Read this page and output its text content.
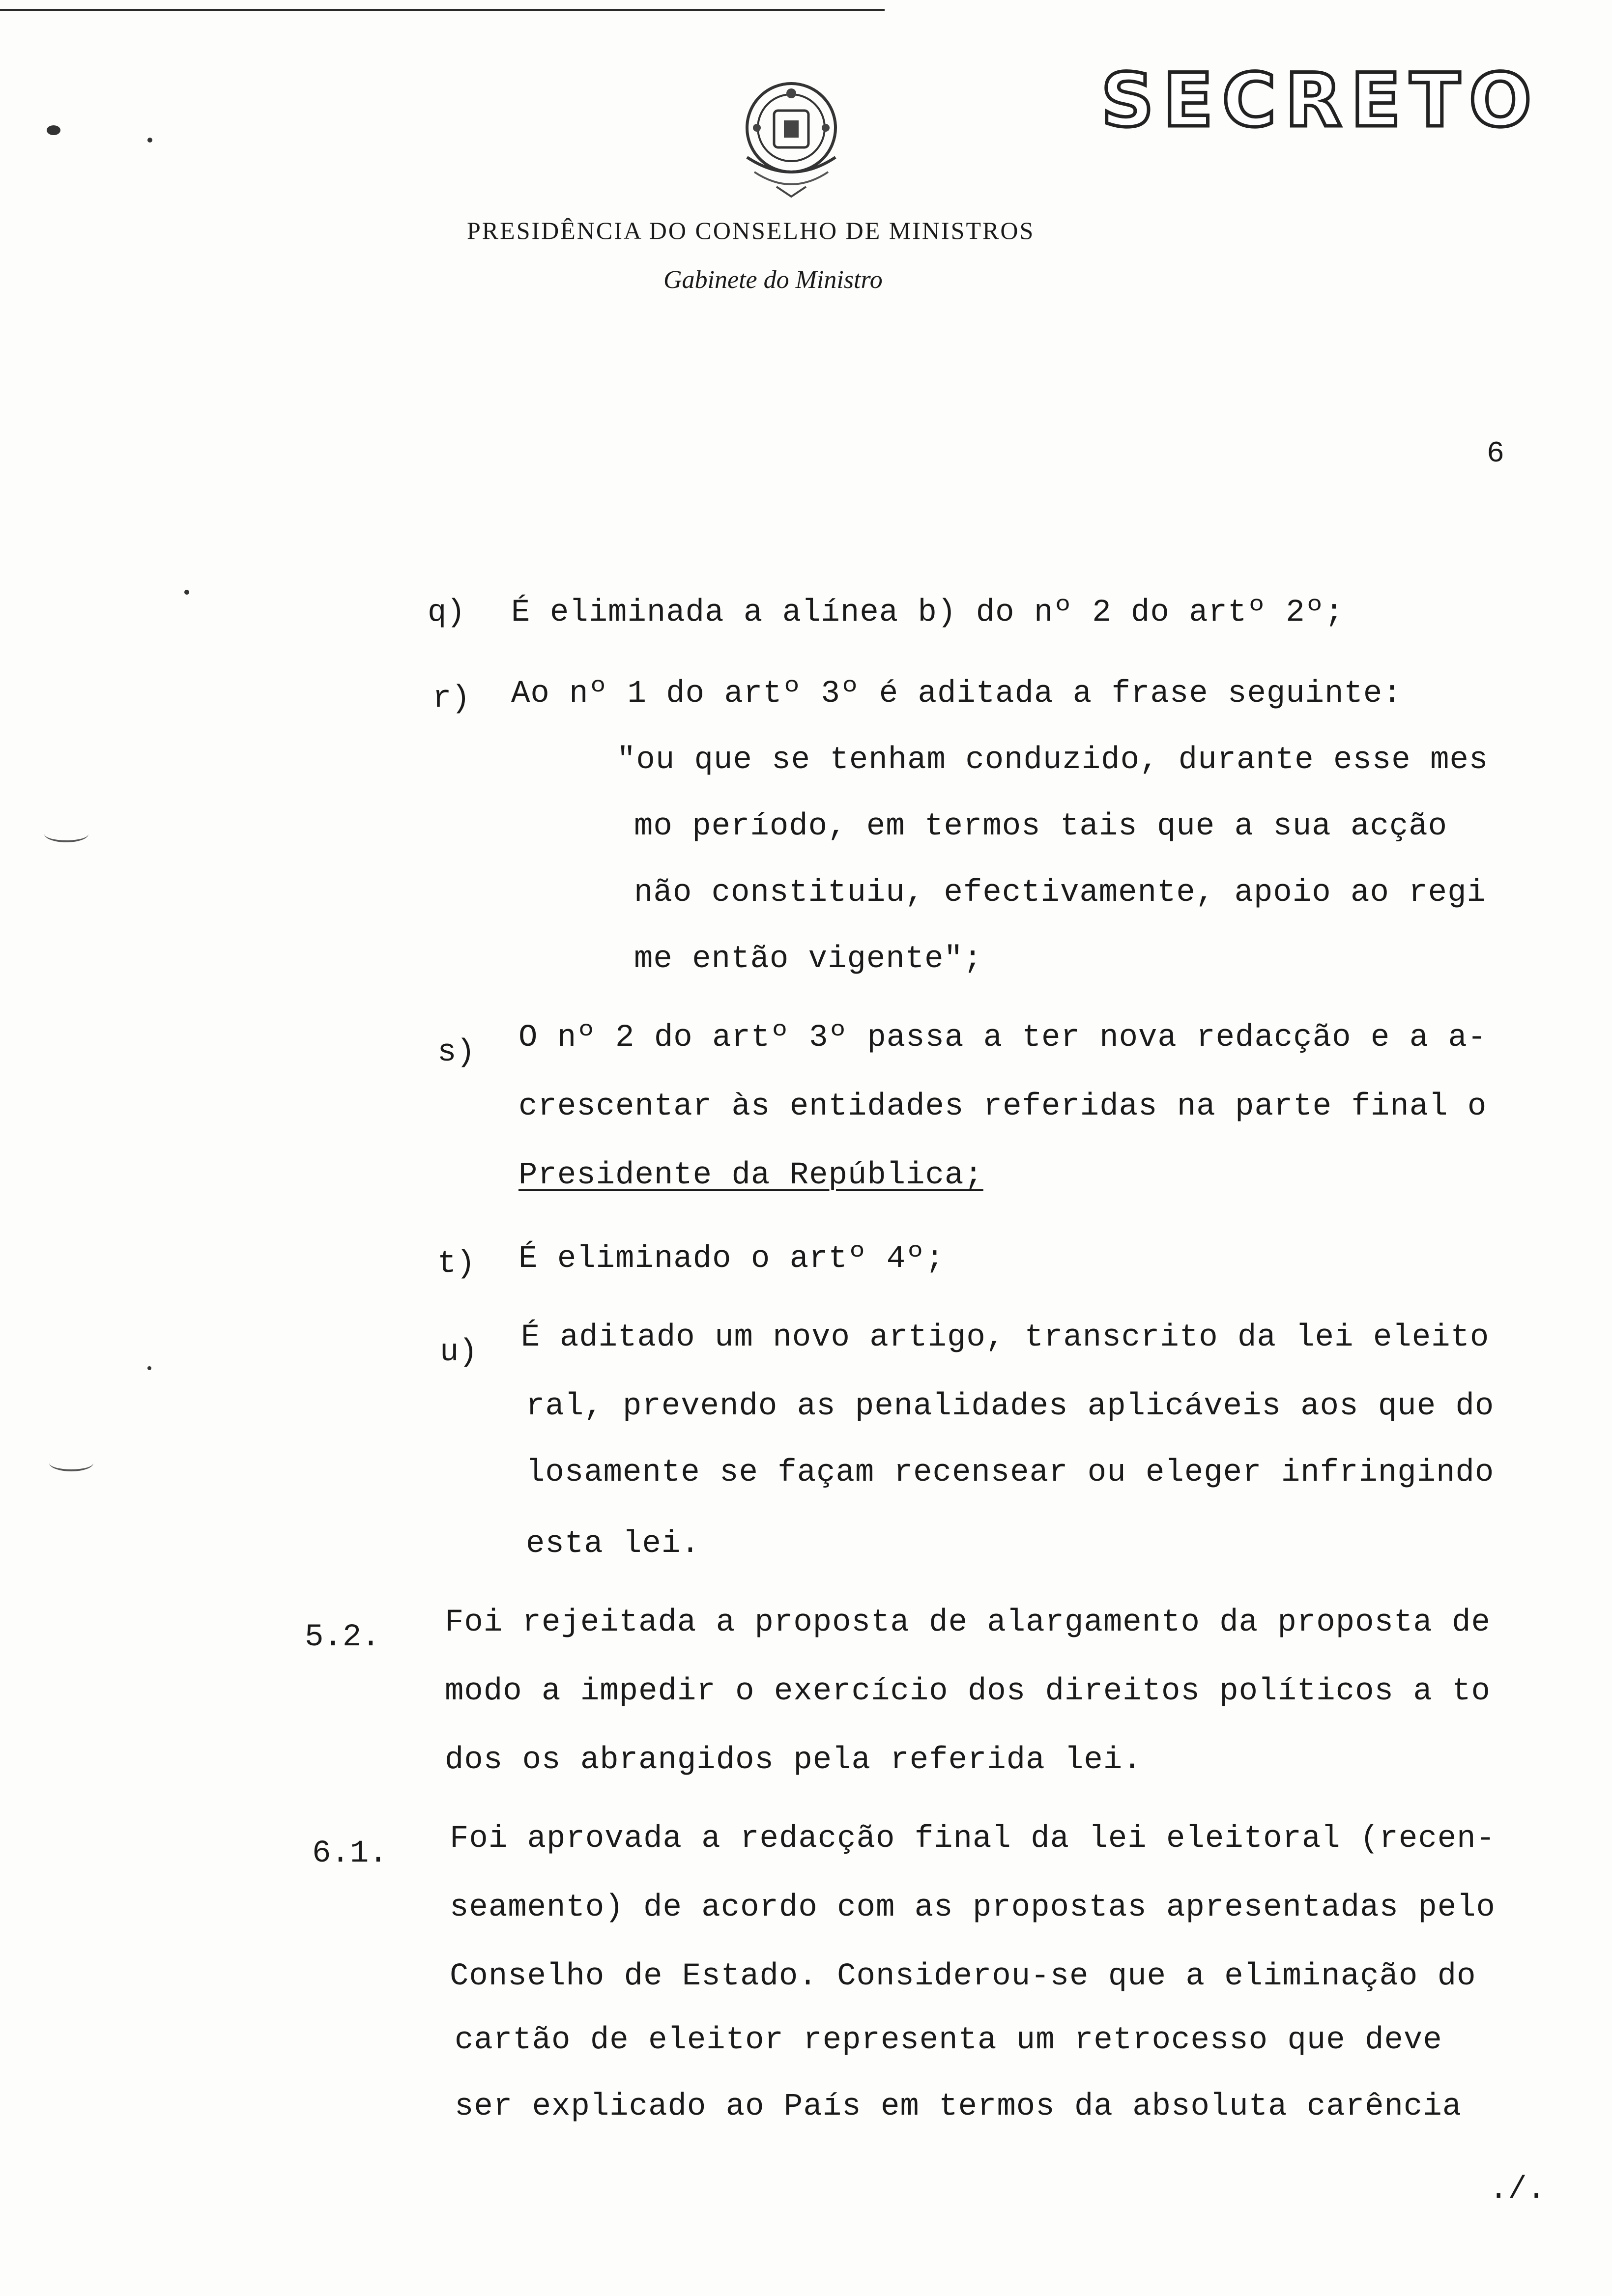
SECRETO
PRESIDÊNCIA DO CONSELHO DE MINISTROS
Gabinete do Ministro
6
q) É eliminada a alínea b) do nº 2 do artº 2º;
r) Ao nº 1 do artº 3º é aditada a frase seguinte:
"ou que se tenham conduzido, durante esse mes
mo período, em termos tais que a sua acção
não constituiu, efectivamente, apoio ao regi
me então vigente";
s) O nº 2 do artº 3º passa a ter nova redacção e a a-
crescentar às entidades referidas na parte final o
Presidente da República;
t) É eliminado o artº 4º;
u) É aditado um novo artigo, transcrito da lei eleito
ral, prevendo as penalidades aplicáveis aos que do
losamente se façam recensear ou eleger infringindo
esta lei.
5.2. Foi rejeitada a proposta de alargamento da proposta de
modo a impedir o exercício dos direitos políticos a to
dos os abrangidos pela referida lei.
6.1. Foi aprovada a redacção final da lei eleitoral (recen-
seamento) de acordo com as propostas apresentadas pelo
Conselho de Estado. Considerou-se que a eliminação do
cartão de eleitor representa um retrocesso que deve
ser explicado ao País em termos da absoluta carência
./.
